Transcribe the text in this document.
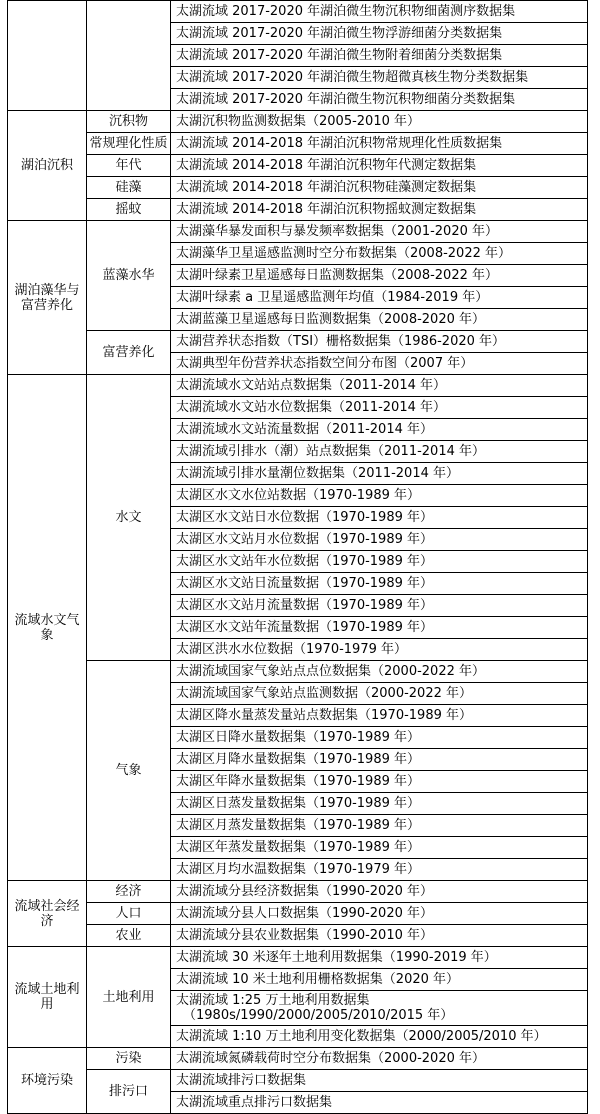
		太湖流域 2017-2020 年湖泊微生物沉积物细菌测序数据集
		太湖流域 2017-2020 年湖泊微生物浮游细菌分类数据集
		太湖流域 2017-2020 年湖泊微生物附着细菌分类数据集
		太湖流域 2017-2020 年湖泊微生物超微真核生物分类数据集
		太湖流域 2017-2020 年湖泊微生物沉积物细菌分类数据集
湖泊沉积	沉积物	太湖沉积物监测数据集（2005-2010 年）
	常规理化性质	太湖流域 2014-2018 年湖泊沉积物常规理化性质数据集
	年代	太湖流域 2014-2018 年湖泊沉积物年代测定数据集
	硅藻	太湖流域 2014-2018 年湖泊沉积物硅藻测定数据集
	摇蚊	太湖流域 2014-2018 年湖泊沉积物摇蚊测定数据集
湖泊藻华与富营养化	蓝藻水华	太湖藻华暴发面积与暴发频率数据集（2001-2020 年）
		太湖藻华卫星遥感监测时空分布数据集（2008-2022 年）
		太湖叶绿素卫星遥感每日监测数据集（2008-2022 年）
		太湖叶绿素 a 卫星遥感监测年均值（1984-2019 年）
		太湖蓝藻卫星遥感每日监测数据集（2008-2020 年）
	富营养化	太湖营养状态指数（TSI）栅格数据集（1986-2020 年）
		太湖典型年份营养状态指数空间分布图（2007 年）
流域水文气象	水文	太湖流域水文站站点数据集（2011-2014 年）
		太湖流域水文站水位数据集（2011-2014 年）
		太湖流域水文站流量数据（2011-2014 年）
		太湖流域引排水（潮）站点数据集（2011-2014 年）
		太湖流域引排水量潮位数据集（2011-2014 年）
		太湖区水文水位站数据（1970-1989 年）
		太湖区水文站日水位数据（1970-1989 年）
		太湖区水文站月水位数据（1970-1989 年）
		太湖区水文站年水位数据（1970-1989 年）
		太湖区水文站日流量数据（1970-1989 年）
		太湖区水文站月流量数据（1970-1989 年）
		太湖区水文站年流量数据（1970-1989 年）
		太湖区洪水水位数据（1970-1979 年）
	气象	太湖流域国家气象站点点位数据集（2000-2022 年）
		太湖流域国家气象站点监测数据（2000-2022 年）
		太湖区降水量蒸发量站点数据集（1970-1989 年）
		太湖区日降水量数据集（1970-1989 年）
		太湖区月降水量数据集（1970-1989 年）
		太湖区年降水量数据集（1970-1989 年）
		太湖区日蒸发量数据集（1970-1989 年）
		太湖区月蒸发量数据集（1970-1989 年）
		太湖区年蒸发量数据集（1970-1989 年）
		太湖区月均水温数据集（1970-1979 年）
流域社会经济	经济	太湖流域分县经济数据集（1990-2020 年）
	人口	太湖流域分县人口数据集（1990-2020 年）
	农业	太湖流域分县农业数据集（1990-2010 年）
流域土地利用	土地利用	太湖流域 30 米逐年土地利用数据集（1990-2019 年）
		太湖流域 10 米土地利用栅格数据集（2020 年）
		太湖流域 1:25 万土地利用数据集
（1980s/1990/2000/2005/2010/2015 年）

		太湖流域 1:10 万土地利用变化数据集（2000/2005/2010 年）
环境污染	污染	太湖流域氮磷载荷时空分布数据集（2000-2020 年）
	排污口	太湖流域排污口数据集
		太湖流域重点排污口数据集
